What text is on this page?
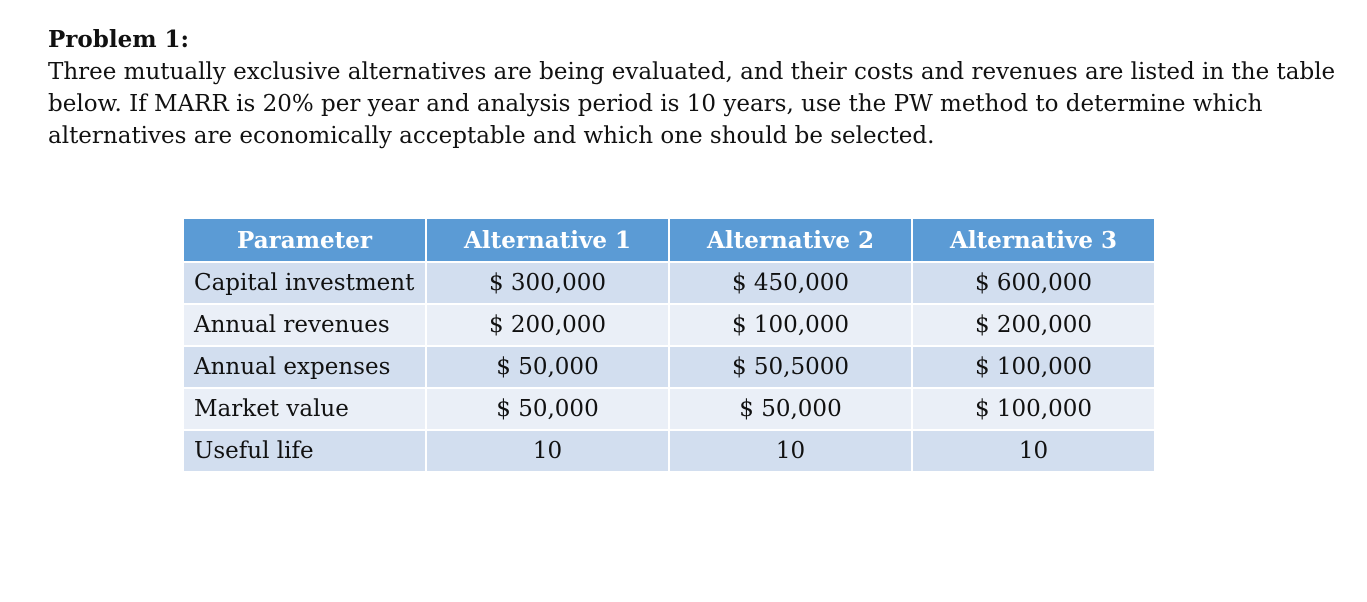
Problem 1:

Three mutually exclusive alternatives are being evaluated, and their costs and revenues are listed in the table

below. If MARR is 20% per year and analysis period is 10 years, use the PW method to determine which

alternatives are economically acceptable and which one should be selected.

Parameter	Alternative 1	Alternative 2	Alternative 3
Capital investment	$ 300,000	$ 450,000	$ 600,000
Annual revenues	$ 200,000	$ 100,000	$ 200,000
Annual expenses	$ 50,000	$ 50,5000	$ 100,000
Market value	$ 50,000	$ 50,000	$ 100,000
Useful life	10	10	10
